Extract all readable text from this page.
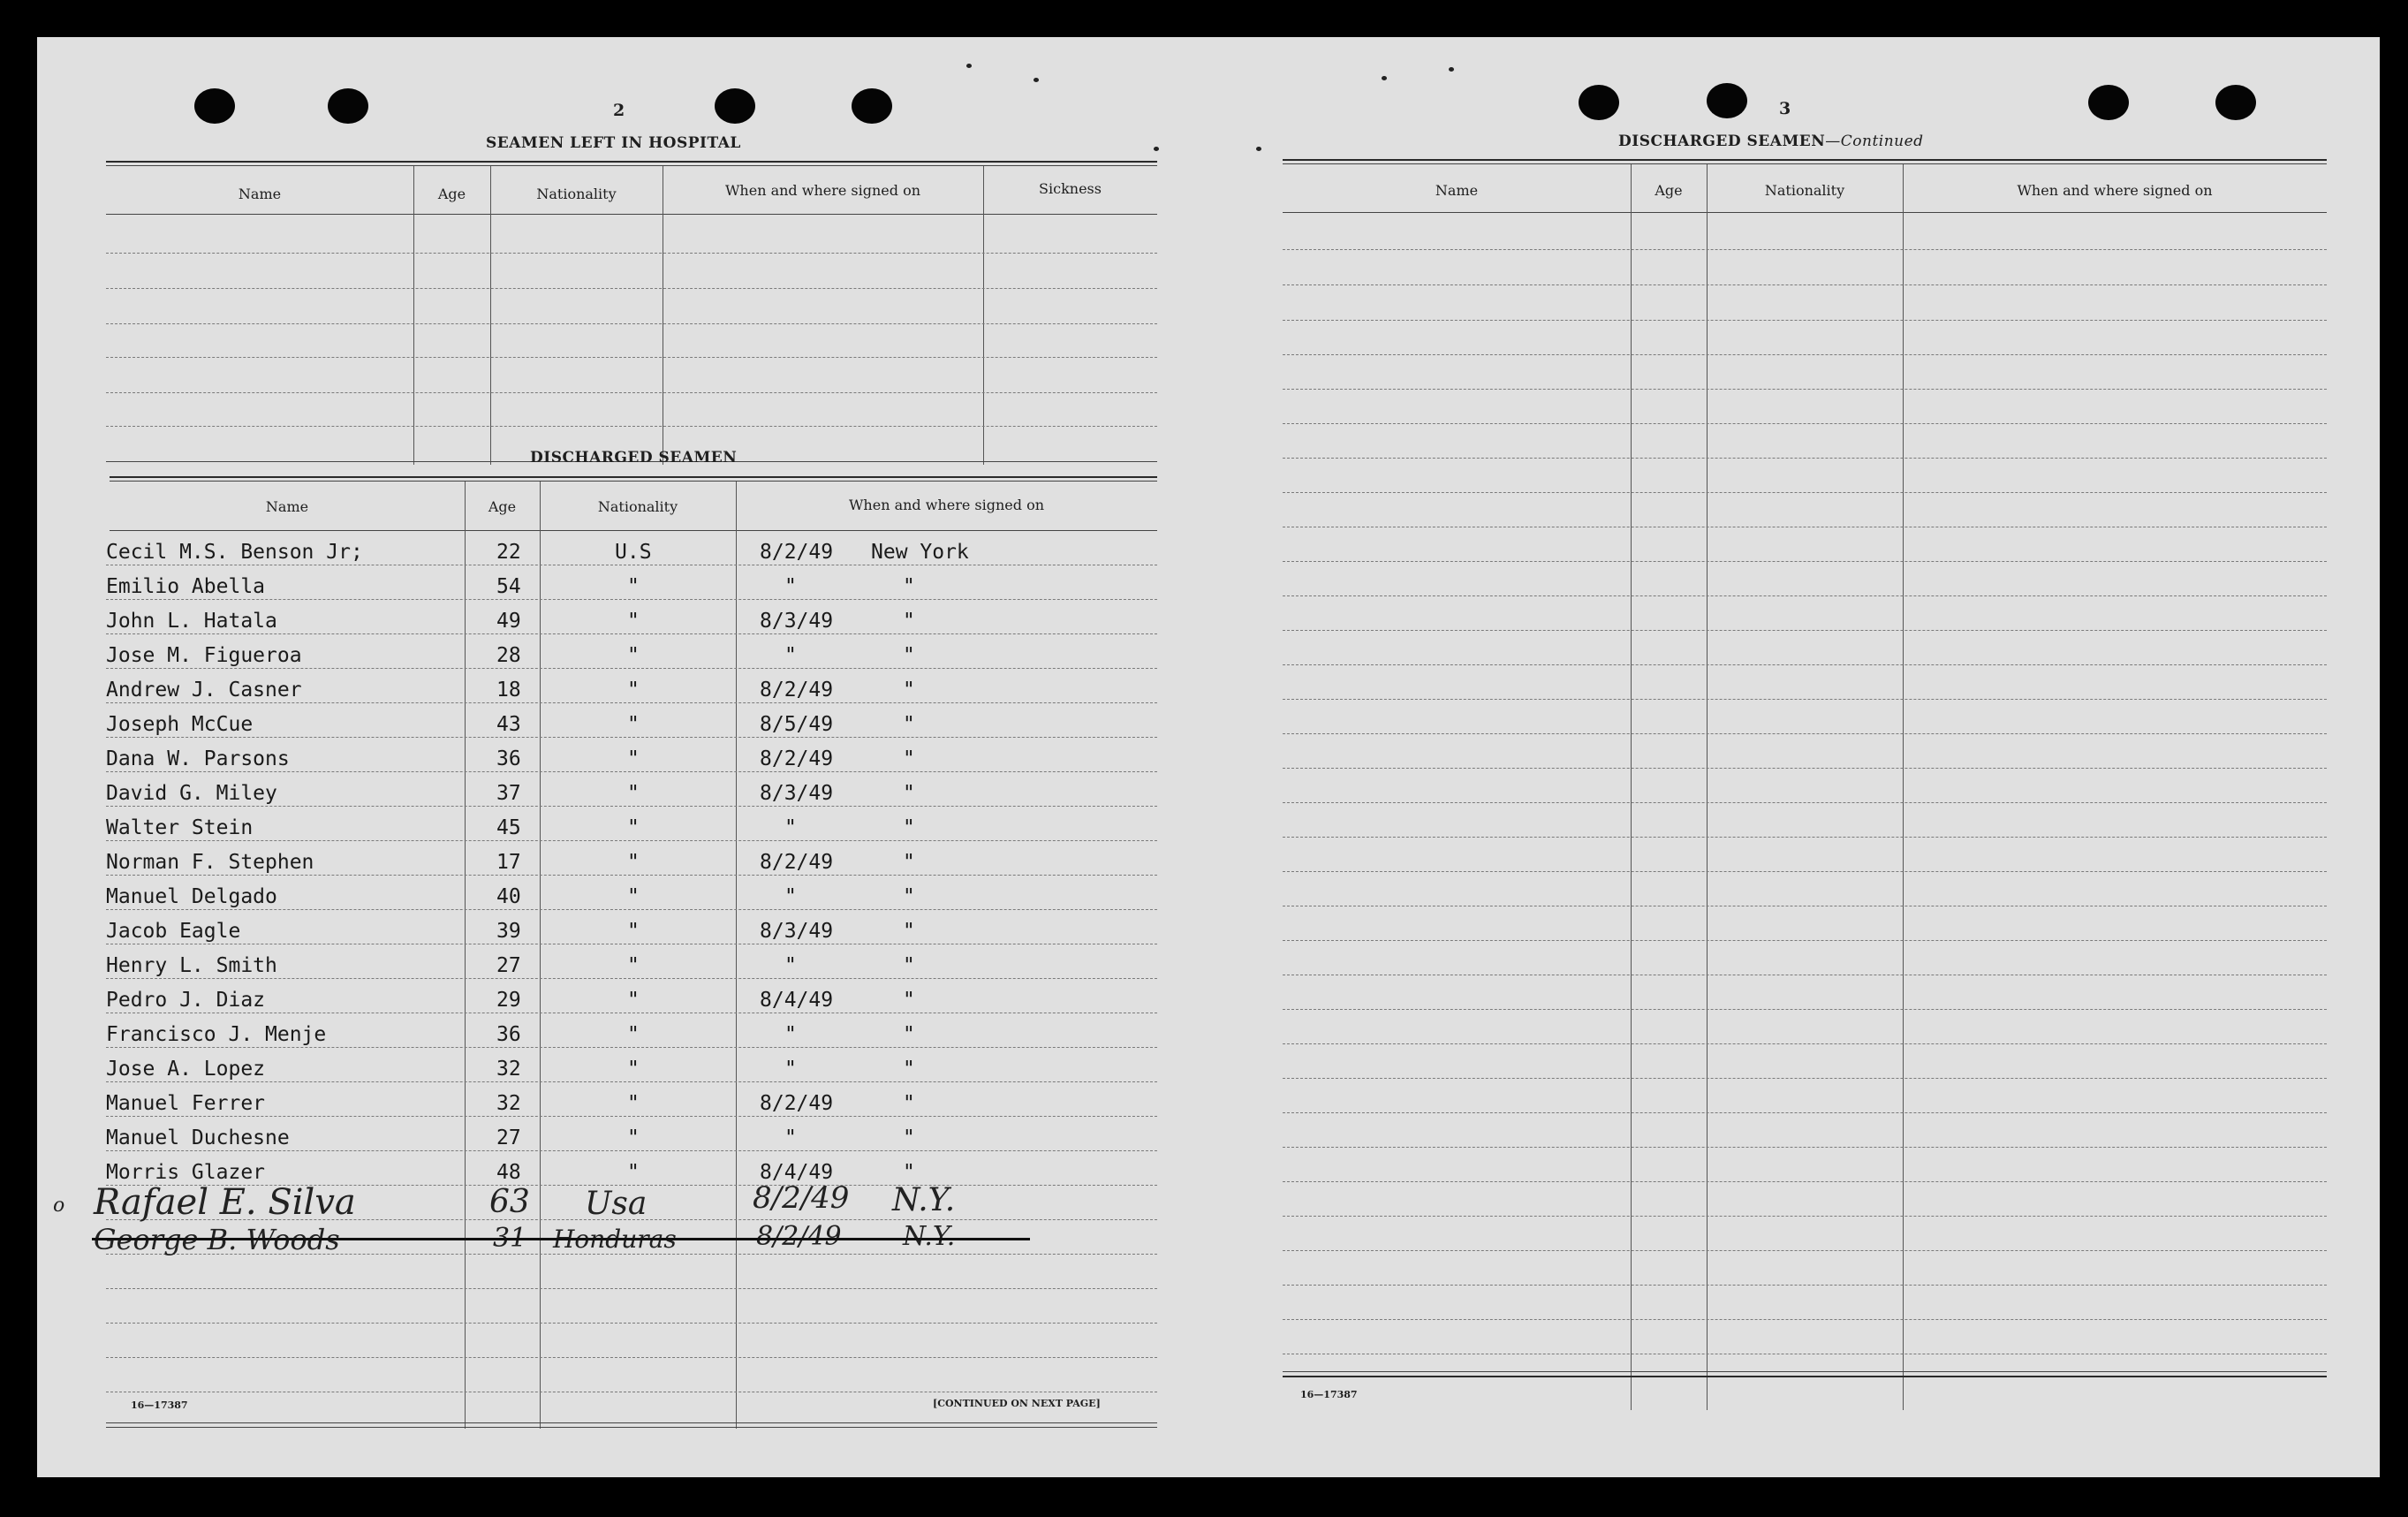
2
SEAMEN LEFT IN HOSPITAL
Name	Age	Nationality	When and where signed on	Sickness
DISCHARGED SEAMEN
Name	Age	Nationality	When and where signed on
Cecil M.S. Benson Jr;	22	U.S	8/2/49 New York
Emilio Abella	54	"	"	"
John L. Hatala	49	"	8/3/49	"
Jose M. Figueroa	28	"	"	"
Andrew J. Casner	18	"	8/2/49	"
Joseph McCue	43	"	8/5/49	"
Dana W. Parsons	36	"	8/2/49	"
David G. Miley	37	"	8/3/49	"
Walter Stein	45	"	"	"
Norman F. Stephen	17	"	8/2/49	"
Manuel Delgado	40	"	"	"
Jacob Eagle	39	"	8/3/49	"
Henry L. Smith	27	"	"	"
Pedro J. Diaz	29	"	8/4/49	"
Francisco J. Menje	36	"	"	"
Jose A. Lopez	32	"	"	"
Manuel Ferrer	32	"	8/2/49	"
Manuel Duchesne	27	"	"	"
Morris Glazer	48	"	8/4/49	"
Rafael E. Silva	63 Usa	8/2/49 N.Y.
George B. Woods	31 Honduras	8/2/49 N.Y.
o
16—17387	[CONTINUED ON NEXT PAGE]
3
DISCHARGED SEAMEN—Continued
Name	Age	Nationality	When and where signed on
16—17387
